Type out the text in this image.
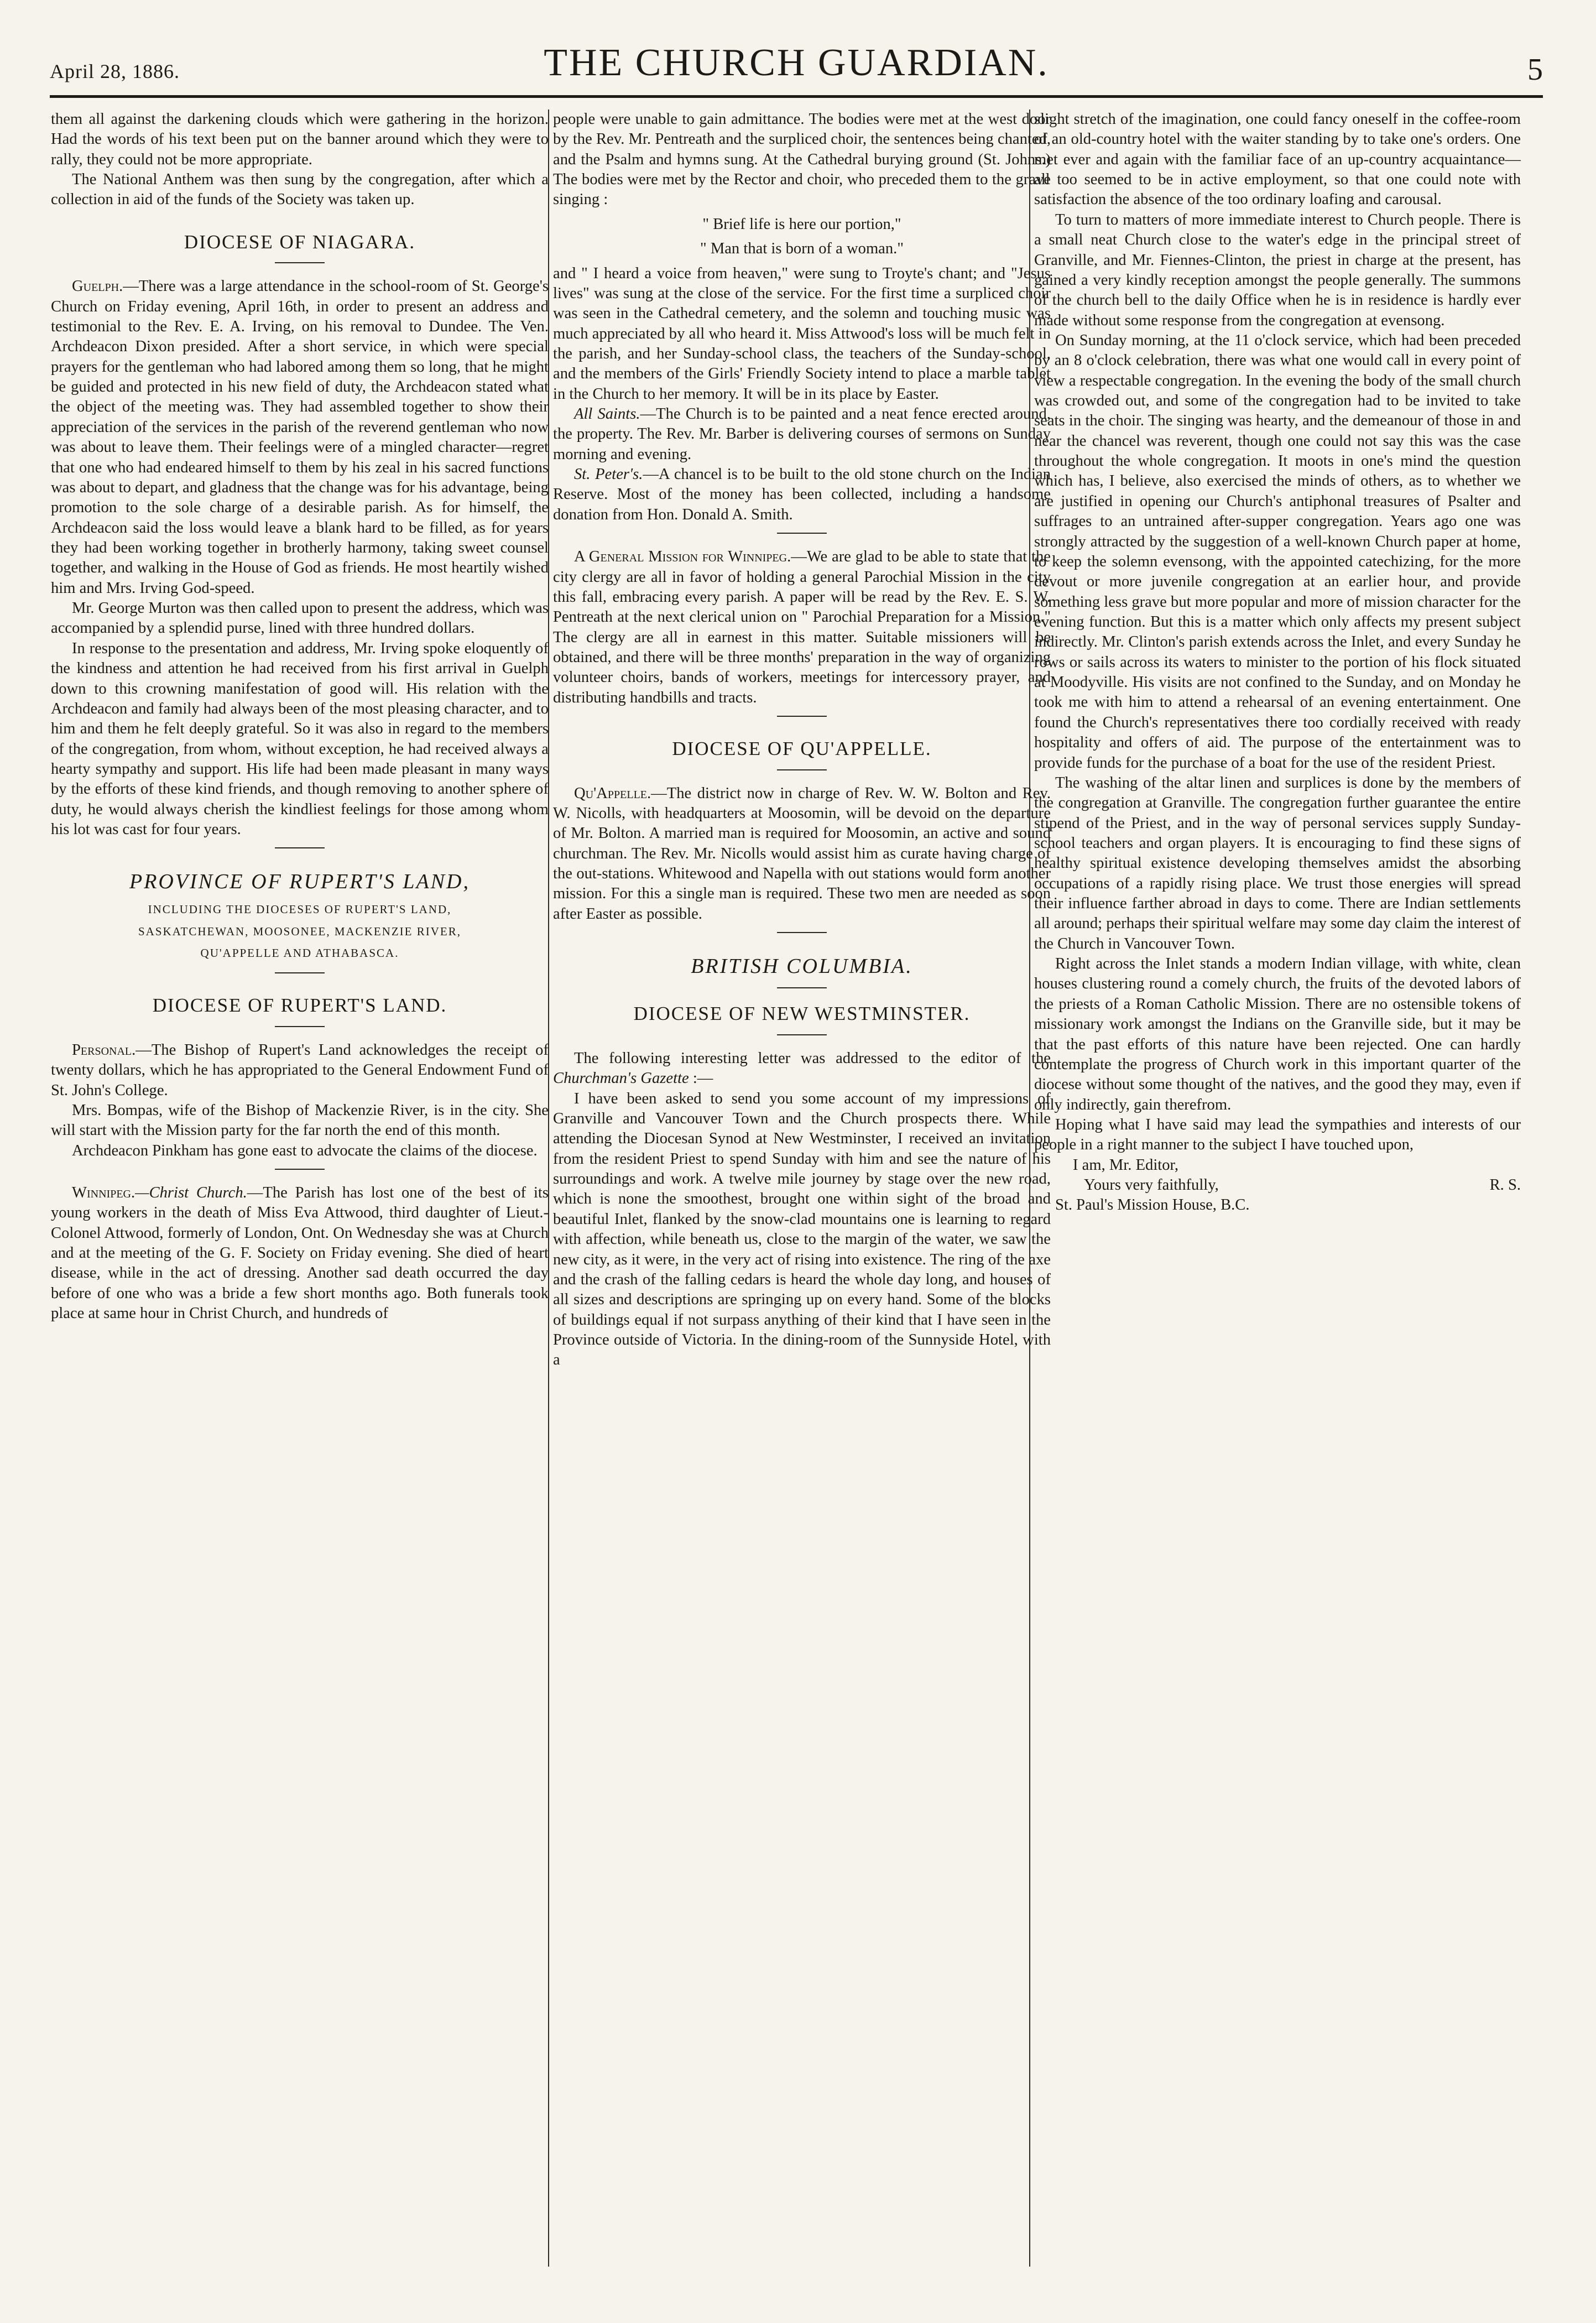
April 28, 1886.	THE CHURCH GUARDIAN.	5

them all against the darkening clouds which were gathering in the horizon. Had the words of his text been put on the banner around which they were to rally, they could not be more appropriate.

The National Anthem was then sung by the congregation, after which a collection in aid of the funds of the Society was taken up.

DIOCESE OF NIAGARA.

Guelph.—There was a large attendance in the school-room of St. George's Church on Friday evening, April 16th, in order to present an address and testimonial to the Rev. E. A. Irving, on his removal to Dundee. The Ven. Archdeacon Dixon presided. After a short service, in which were special prayers for the gentleman who had labored among them so long, that he might be guided and protected in his new field of duty, the Archdeacon stated what the object of the meeting was. They had assembled together to show their appreciation of the services in the parish of the reverend gentleman who now was about to leave them. Their feelings were of a mingled character—regret that one who had endeared himself to them by his zeal in his sacred functions was about to depart, and gladness that the change was for his advantage, being promotion to the sole charge of a desirable parish. As for himself, the Archdeacon said the loss would leave a blank hard to be filled, as for years they had been working together in brotherly harmony, taking sweet counsel together, and walking in the House of God as friends. He most heartily wished him and Mrs. Irving God-speed.

Mr. George Murton was then called upon to present the address, which was accompanied by a splendid purse, lined with three hundred dollars.

In response to the presentation and address, Mr. Irving spoke eloquently of the kindness and attention he had received from his first arrival in Guelph down to this crowning manifestation of good will. His relation with the Archdeacon and family had always been of the most pleasing character, and to him and them he felt deeply grateful. So it was also in regard to the members of the congregation, from whom, without exception, he had received always a hearty sympathy and support. His life had been made pleasant in many ways by the efforts of these kind friends, and though removing to another sphere of duty, he would always cherish the kindliest feelings for those among whom his lot was cast for four years.

PROVINCE OF RUPERT'S LAND,
INCLUDING THE DIOCESES OF RUPERT'S LAND,
SASKATCHEWAN, MOOSONEE, MACKENZIE RIVER,
QU'APPELLE AND ATHABASCA.
DIOCESE OF RUPERT'S LAND.

Personal.—The Bishop of Rupert's Land acknowledges the receipt of twenty dollars, which he has appropriated to the General Endowment Fund of St. John's College.

Mrs. Bompas, wife of the Bishop of Mackenzie River, is in the city. She will start with the Mission party for the far north the end of this month.

Archdeacon Pinkham has gone east to advocate the claims of the diocese.

Winnipeg.—Christ Church.—The Parish has lost one of the best of its young workers in the death of Miss Eva Attwood, third daughter of Lieut.-Colonel Attwood, formerly of London, Ont. On Wednesday she was at Church and at the meeting of the G. F. Society on Friday evening. She died of heart disease, while in the act of dressing. Another sad death occurred the day before of one who was a bride a few short months ago. Both funerals took place at same hour in Christ Church, and hundreds of

people were unable to gain admittance. The bodies were met at the west door by the Rev. Mr. Pentreath and the surpliced choir, the sentences being chanted, and the Psalm and hymns sung. At the Cathedral burying ground (St. Johns.) The bodies were met by the Rector and choir, who preceded them to the grave singing :

" Brief life is here our portion,"

" Man that is born of a woman."

and " I heard a voice from heaven," were sung to Troyte's chant; and "Jesus lives" was sung at the close of the service. For the first time a surpliced choir was seen in the Cathedral cemetery, and the solemn and touching music was much appreciated by all who heard it. Miss Attwood's loss will be much felt in the parish, and her Sunday-school class, the teachers of the Sunday-school, and the members of the Girls' Friendly Society intend to place a marble tablet in the Church to her memory. It will be in its place by Easter.

All Saints.—The Church is to be painted and a neat fence erected around, the property. The Rev. Mr. Barber is delivering courses of sermons on Sunday morning and evening.

St. Peter's.—A chancel is to be built to the old stone church on the Indian Reserve. Most of the money has been collected, including a handsome donation from Hon. Donald A. Smith.

A General Mission for Winnipeg.—We are glad to be able to state that the city clergy are all in favor of holding a general Parochial Mission in the city this fall, embracing every parish. A paper will be read by the Rev. E. S. W. Pentreath at the next clerical union on " Parochial Preparation for a Mission." The clergy are all in earnest in this matter. Suitable missioners will be obtained, and there will be three months' preparation in the way of organizing volunteer choirs, bands of workers, meetings for intercessory prayer, and distributing handbills and tracts.

DIOCESE OF QU'APPELLE.

Qu'Appelle.—The district now in charge of Rev. W. W. Bolton and Rev. W. Nicolls, with headquarters at Moosomin, will be devoid on the departure of Mr. Bolton. A married man is required for Moosomin, an active and sound churchman. The Rev. Mr. Nicolls would assist him as curate having charge of the out-stations. Whitewood and Napella with out stations would form another mission. For this a single man is required. These two men are needed as soon after Easter as possible.

BRITISH COLUMBIA.
DIOCESE OF NEW WESTMINSTER.

The following interesting letter was addressed to the editor of the Churchman's Gazette :—

I have been asked to send you some account of my impressions of Granville and Vancouver Town and the Church prospects there. While attending the Diocesan Synod at New Westminster, I received an invitation from the resident Priest to spend Sunday with him and see the nature of his surroundings and work. A twelve mile journey by stage over the new road, which is none the smoothest, brought one within sight of the broad and beautiful Inlet, flanked by the snow-clad mountains one is learning to regard with affection, while beneath us, close to the margin of the water, we saw the new city, as it were, in the very act of rising into existence. The ring of the axe and the crash of the falling cedars is heard the whole day long, and houses of all sizes and descriptions are springing up on every hand. Some of the blocks of buildings equal if not surpass anything of their kind that I have seen in the Province outside of Victoria. In the dining-room of the Sunnyside Hotel, with a

slight stretch of the imagination, one could fancy oneself in the coffee-room of an old-country hotel with the waiter standing by to take one's orders. One met ever and again with the familiar face of an up-country acquaintance—all too seemed to be in active employment, so that one could note with satisfaction the absence of the too ordinary loafing and carousal.

To turn to matters of more immediate interest to Church people. There is a small neat Church close to the water's edge in the principal street of Granville, and Mr. Fiennes-Clinton, the priest in charge at the present, has gained a very kindly reception amongst the people generally. The summons of the church bell to the daily Office when he is in residence is hardly ever made without some response from the congregation at evensong.

On Sunday morning, at the 11 o'clock service, which had been preceded by an 8 o'clock celebration, there was what one would call in every point of view a respectable congregation. In the evening the body of the small church was crowded out, and some of the congregation had to be invited to take seats in the choir. The singing was hearty, and the demeanour of those in and near the chancel was reverent, though one could not say this was the case throughout the whole congregation. It moots in one's mind the question which has, I believe, also exercised the minds of others, as to whether we are justified in opening our Church's antiphonal treasures of Psalter and suffrages to an untrained after-supper congregation. Years ago one was strongly attracted by the suggestion of a well-known Church paper at home, to keep the solemn evensong, with the appointed catechizing, for the more devout or more juvenile congregation at an earlier hour, and provide something less grave but more popular and more of mission character for the evening function. But this is a matter which only affects my present subject indirectly. Mr. Clinton's parish extends across the Inlet, and every Sunday he rows or sails across its waters to minister to the portion of his flock situated at Moodyville. His visits are not confined to the Sunday, and on Monday he took me with him to attend a rehearsal of an evening entertainment. One found the Church's representatives there too cordially received with ready hospitality and offers of aid. The purpose of the entertainment was to provide funds for the purchase of a boat for the use of the resident Priest.

The washing of the altar linen and surplices is done by the members of the congregation at Granville. The congregation further guarantee the entire stipend of the Priest, and in the way of personal services supply Sunday-school teachers and organ players. It is encouraging to find these signs of healthy spiritual existence developing themselves amidst the absorbing occupations of a rapidly rising place. We trust those energies will spread their influence farther abroad in days to come. There are Indian settlements all around; perhaps their spiritual welfare may some day claim the interest of the Church in Vancouver Town.

Right across the Inlet stands a modern Indian village, with white, clean houses clustering round a comely church, the fruits of the devoted labors of the priests of a Roman Catholic Mission. There are no ostensible tokens of missionary work amongst the Indians on the Granville side, but it may be that the past efforts of this nature have been rejected. One can hardly contemplate the progress of Church work in this important quarter of the diocese without some thought of the natives, and the good they may, even if only indirectly, gain therefrom.

Hoping what I have said may lead the sympathies and interests of our people in a right manner to the subject I have touched upon,

I am, Mr. Editor,

Yours very faithfully,	R. S.

St. Paul's Mission House, B.C.
